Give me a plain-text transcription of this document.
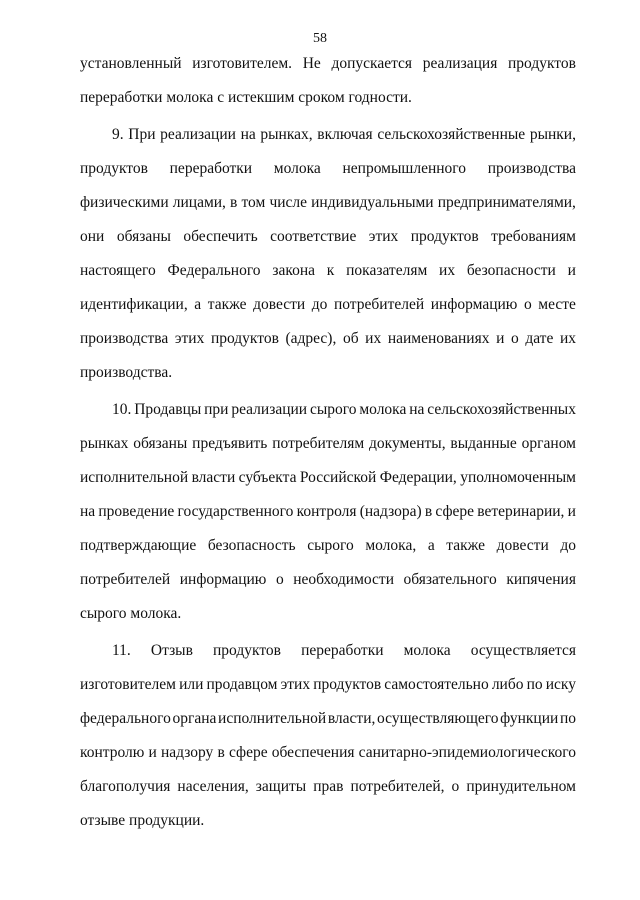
58
установленный изготовителем. Не допускается реализация продуктов
переработки молока с истекшим сроком годности.
9. При реализации на рынках, включая сельскохозяйственные рынки,
продуктов переработки молока непромышленного производства
физическими лицами, в том числе индивидуальными предпринимателями,
они обязаны обеспечить соответствие этих продуктов требованиям
настоящего Федерального закона к показателям их безопасности и
идентификации, а также довести до потребителей информацию о месте
производства этих продуктов (адрес), об их наименованиях и о дате их
производства.
10. Продавцы при реализации сырого молока на сельскохозяйственных
рынках обязаны предъявить потребителям документы, выданные органом
исполнительной власти субъекта Российской Федерации, уполномоченным
на проведение государственного контроля (надзора) в сфере ветеринарии, и
подтверждающие безопасность сырого молока, а также довести до
потребителей информацию о необходимости обязательного кипячения
сырого молока.
11. Отзыв продуктов переработки молока осуществляется
изготовителем или продавцом этих продуктов самостоятельно либо по иску
федерального органа исполнительной власти, осуществляющего функции по
контролю и надзору в сфере обеспечения санитарно-эпидемиологического
благополучия населения, защиты прав потребителей, о принудительном
отзыве продукции.
